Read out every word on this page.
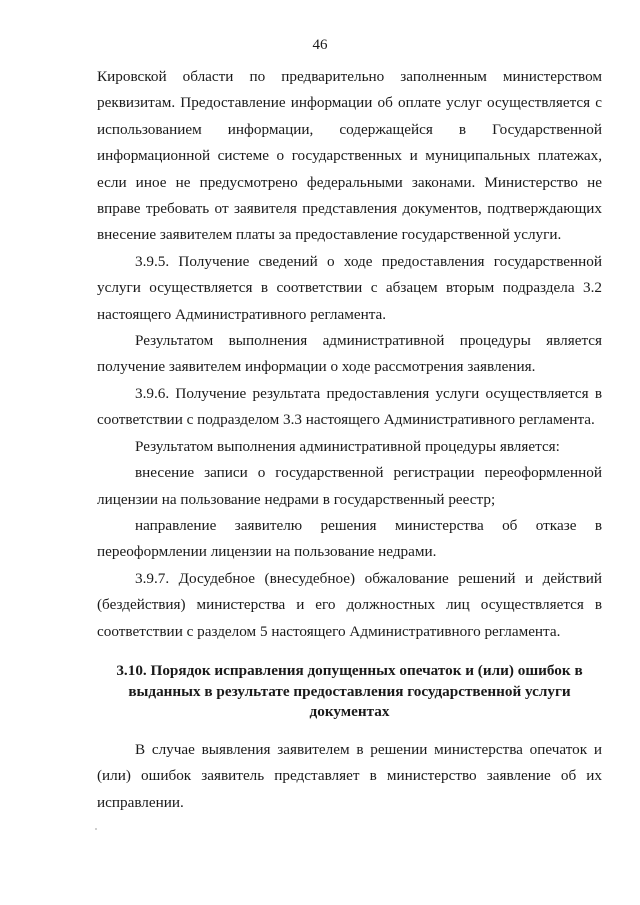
46

Кировской области по предварительно заполненным министерством реквизитам. Предоставление информации об оплате услуг осуществляется с использованием информации, содержащейся в Государственной информационной системе о государственных и муниципальных платежах, если иное не предусмотрено федеральными законами. Министерство не вправе требовать от заявителя представления документов, подтверждающих внесение заявителем платы за предоставление государственной услуги.

3.9.5. Получение сведений о ходе предоставления государственной услуги осуществляется в соответствии с абзацем вторым подраздела 3.2 настоящего Административного регламента.

Результатом выполнения административной процедуры является получение заявителем информации о ходе рассмотрения заявления.

3.9.6. Получение результата предоставления услуги осуществляется в соответствии с подразделом 3.3 настоящего Административного регламента.

Результатом выполнения административной процедуры является:

внесение записи о государственной регистрации переоформленной лицензии на пользование недрами в государственный реестр;

направление заявителю решения министерства об отказе в переоформлении лицензии на пользование недрами.

3.9.7. Досудебное (внесудебное) обжалование решений и действий (бездействия) министерства и его должностных лиц осуществляется в соответствии с разделом 5 настоящего Административного регламента.

3.10. Порядок исправления допущенных опечаток и (или) ошибок в выданных в результате предоставления государственной услуги документах

В случае выявления заявителем в решении министерства опечаток и (или) ошибок заявитель представляет в министерство заявление об их исправлении.
